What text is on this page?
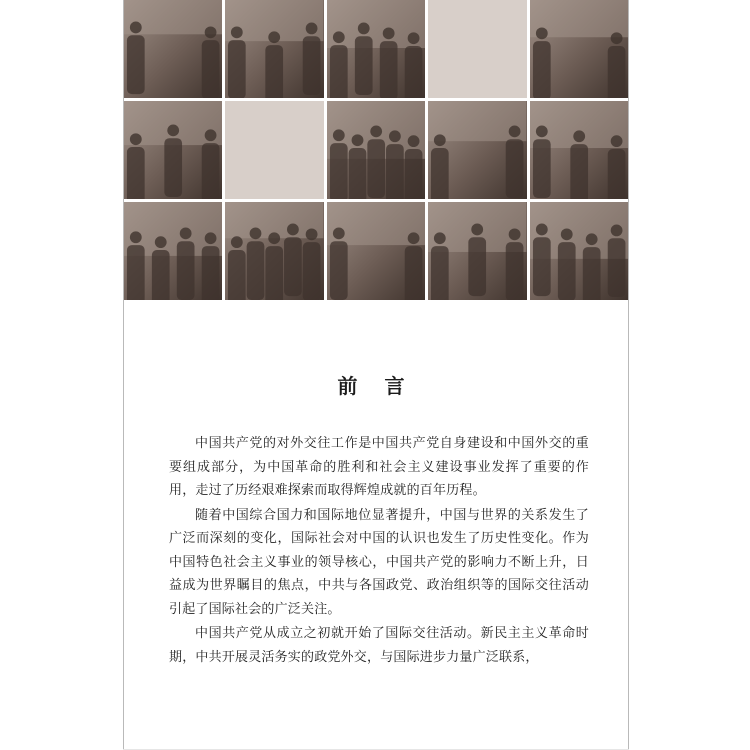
前 言

中国共产党的对外交往工作是中国共产党自身建设和中国外交的重要组成部分，为中国革命的胜利和社会主义建设事业发挥了重要的作用，走过了历经艰难探索而取得辉煌成就的百年历程。

随着中国综合国力和国际地位显著提升，中国与世界的关系发生了广泛而深刻的变化，国际社会对中国的认识也发生了历史性变化。作为中国特色社会主义事业的领导核心，中国共产党的影响力不断上升，日益成为世界瞩目的焦点，中共与各国政党、政治组织等的国际交往活动引起了国际社会的广泛关注。

中国共产党从成立之初就开始了国际交往活动。新民主主义革命时期，中共开展灵活务实的政党外交，与国际进步力量广泛联系，
